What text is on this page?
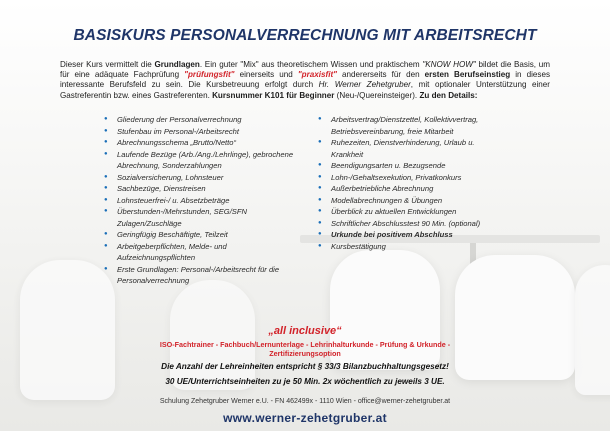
BASISKURS PERSONALVERRECHNUNG MIT ARBEITSRECHT
Dieser Kurs vermittelt die Grundlagen. Ein guter "Mix" aus theoretischem Wissen und praktischem "KNOW HOW" bildet die Basis, um für eine adäquate Fachprüfung "prüfungsfit" einerseits und "praxisfit" andererseits für den ersten Berufseinstieg in dieses interessante Berufsfeld zu sein. Die Kursbetreuung erfolgt durch Hr. Werner Zehetgruber, mit optionaler Unterstützung einer Gastreferentin bzw. eines Gastreferenten. Kursnummer K101 für Beginner (Neu-/Quereinsteiger). Zu den Details:
● Gliederung der Personalverrechnung
● Stufenbau im Personal-/Arbeitsrecht
● Abrechnungsschema „Brutto/Netto“
● Laufende Bezüge (Arb./Ang./Lehrlinge), gebrochene Abrechnung, Sonderzahlungen
● Sozialversicherung, Lohnsteuer
● Sachbezüge, Dienstreisen
● Lohnsteuerfrei-/ u. Absetzbeträge
● Überstunden-/Mehrstunden, SEG/SFN Zulagen/Zuschläge
● Geringfügig Beschäftigte, Teilzeit
● Arbeitgeberpflichten, Melde- und Aufzeichnungspflichten
● Erste Grundlagen: Personal-/Arbeitsrecht für die Personalverrechnung
● Arbeitsvertrag/Dienstzettel, Kollektivvertrag, Betriebsvereinbarung, freie Mitarbeit
● Ruhezeiten, Dienstverhinderung, Urlaub u. Krankheit
● Beendigungsarten u. Bezugsende
● Lohn-/Gehaltsexekution, Privatkonkurs
● Außerbetriebliche Abrechnung
● Modellabrechnungen & Übungen
● Überblick zu aktuellen Entwicklungen
● Schriftlicher Abschlusstest 90 Min. (optional)
● Urkunde bei positivem Abschluss
● Kursbestätigung
„all inclusive“
ISO-Fachtrainer - Fachbuch/Lernunterlage - Lehrinhalturkunde - Prüfung & Urkunde - Zertifizierungsoption
Die Anzahl der Lehreinheiten entspricht § 33/3 Bilanzbuchhaltungsgesetz!
30 UE/Unterrichtseinheiten zu je 50 Min. 2x wöchentlich zu jeweils 3 UE.
Schulung Zehetgruber Werner e.U. - FN 462499x - 1110 Wien - office@werner-zehetgruber.at
www.werner-zehetgruber.at
